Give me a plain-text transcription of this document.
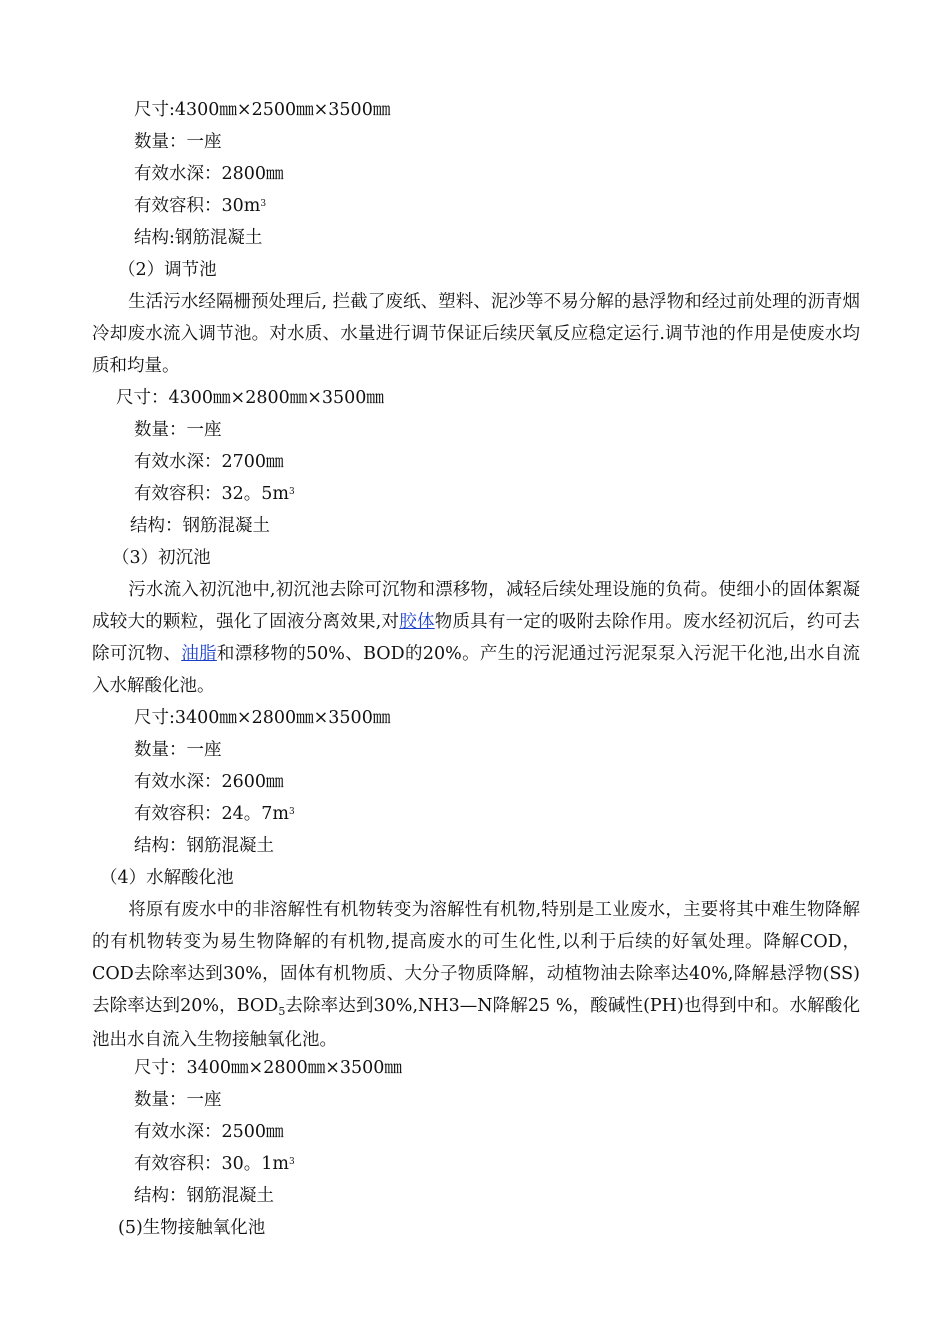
尺寸:4300㎜×2500㎜×3500㎜
数量：一座
有效水深：2800㎜
有效容积：$30m^3$
结构:钢筋混凝土
（2）调节池
生活污水经隔栅预处理后, 拦截了废纸、塑料、泥沙等不易分解的悬浮物和经过前处理的沥青烟冷却废水流入调节池。对水质、水量进行调节保证后续厌氧反应稳定运行.调节池的作用是使废水均质和均量。
尺寸：4300㎜×2800㎜×3500㎜
数量：一座
有效水深：2700㎜
有效容积：32。$5m^3$
结构：钢筋混凝土
（3）初沉池
污水流入初沉池中,初沉池去除可沉物和漂移物，减轻后续处理设施的负荷。使细小的固体絮凝成较大的颗粒，强化了固液分离效果,对胶体物质具有一定的吸附去除作用。废水经初沉后，约可去除可沉物、油脂和漂移物的50%、BOD的20%。产生的污泥通过污泥泵泵入污泥干化池,出水自流入水解酸化池。
尺寸:3400㎜×2800㎜×3500㎜
数量：一座
有效水深：2600㎜
有效容积：24。$7m^3$
结构：钢筋混凝土
（4）水解酸化池
将原有废水中的非溶解性有机物转变为溶解性有机物,特别是工业废水，主要将其中难生物降解的有机物转变为易生物降解的有机物,提高废水的可生化性,以利于后续的好氧处理。降解COD，COD去除率达到30%，固体有机物质、大分子物质降解，动植物油去除率达40%,降解悬浮物(SS)去除率达到20%，$BOD_5$去除率达到30%,NH3—N降解25 %，酸碱性(PH)也得到中和。水解酸化池出水自流入生物接触氧化池。
尺寸：3400㎜×2800㎜×3500㎜
数量：一座
有效水深：2500㎜
有效容积：30。$1m^3$
结构：钢筋混凝土
(5)生物接触氧化池
